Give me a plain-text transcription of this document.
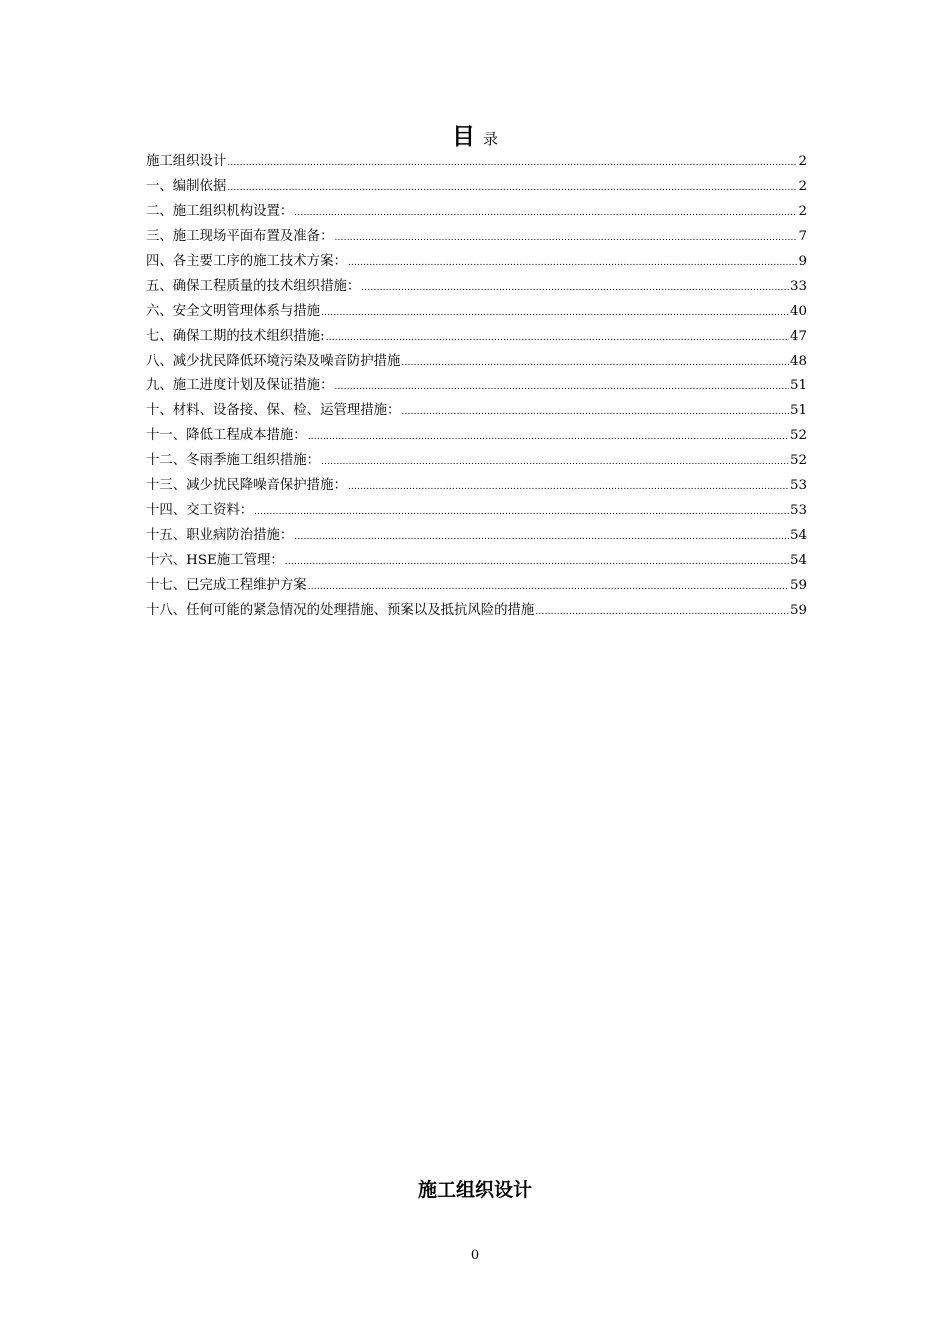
目录
施工组织设计 .....	2
一、编制依据 .....	2
二、施工组织机构设置： .....	2
三、施工现场平面布置及准备： .....	7
四、各主要工序的施工技术方案： .....	9
五、确保工程质量的技术组织措施： .....	33
六、安全文明管理体系与措施 .....	40
七、确保工期的技术组织措施: .....	47
八、减少扰民降低环境污染及噪音防护措施 .....	48
九、施工进度计划及保证措施： .....	51
十、材料、设备接、保、检、运管理措施： .....	51
十一、降低工程成本措施： .....	52
十二、冬雨季施工组织措施： .....	52
十三、减少扰民降噪音保护措施： .....	53
十四、交工资料： .....	53
十五、职业病防治措施： .....	54
十六、HSE施工管理： .....	54
十七、已完成工程维护方案 .....	59
十八、任何可能的紧急情况的处理措施、预案以及抵抗风险的措施 .....	59
施工组织设计
0
